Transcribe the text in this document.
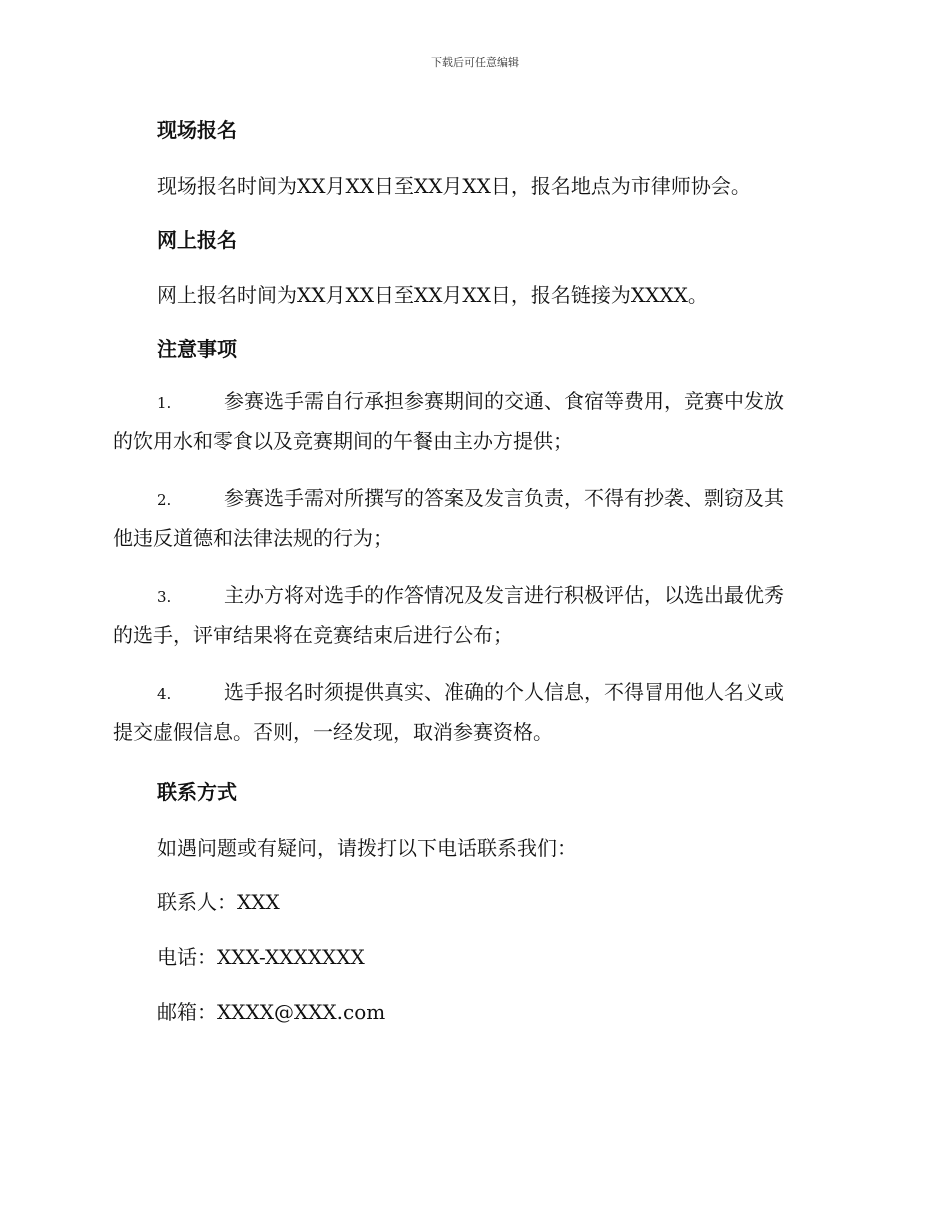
下载后可任意编辑
现场报名
现场报名时间为XX月XX日至XX月XX日，报名地点为市律师协会。
网上报名
网上报名时间为XX月XX日至XX月XX日，报名链接为XXXX。
注意事项
1.	参赛选手需自行承担参赛期间的交通、食宿等费用，竞赛中发放
的饮用水和零食以及竞赛期间的午餐由主办方提供；
2.	参赛选手需对所撰写的答案及发言负责，不得有抄袭、剽窃及其
他违反道德和法律法规的行为；
3.	主办方将对选手的作答情况及发言进行积极评估，以选出最优秀
的选手，评审结果将在竞赛结束后进行公布；
4.	选手报名时须提供真实、准确的个人信息，不得冒用他人名义或
提交虚假信息。否则，一经发现，取消参赛资格。
联系方式
如遇问题或有疑问，请拨打以下电话联系我们：
联系人：XXX
电话：XXX-XXXXXXX
邮箱：XXXX@XXX.com
